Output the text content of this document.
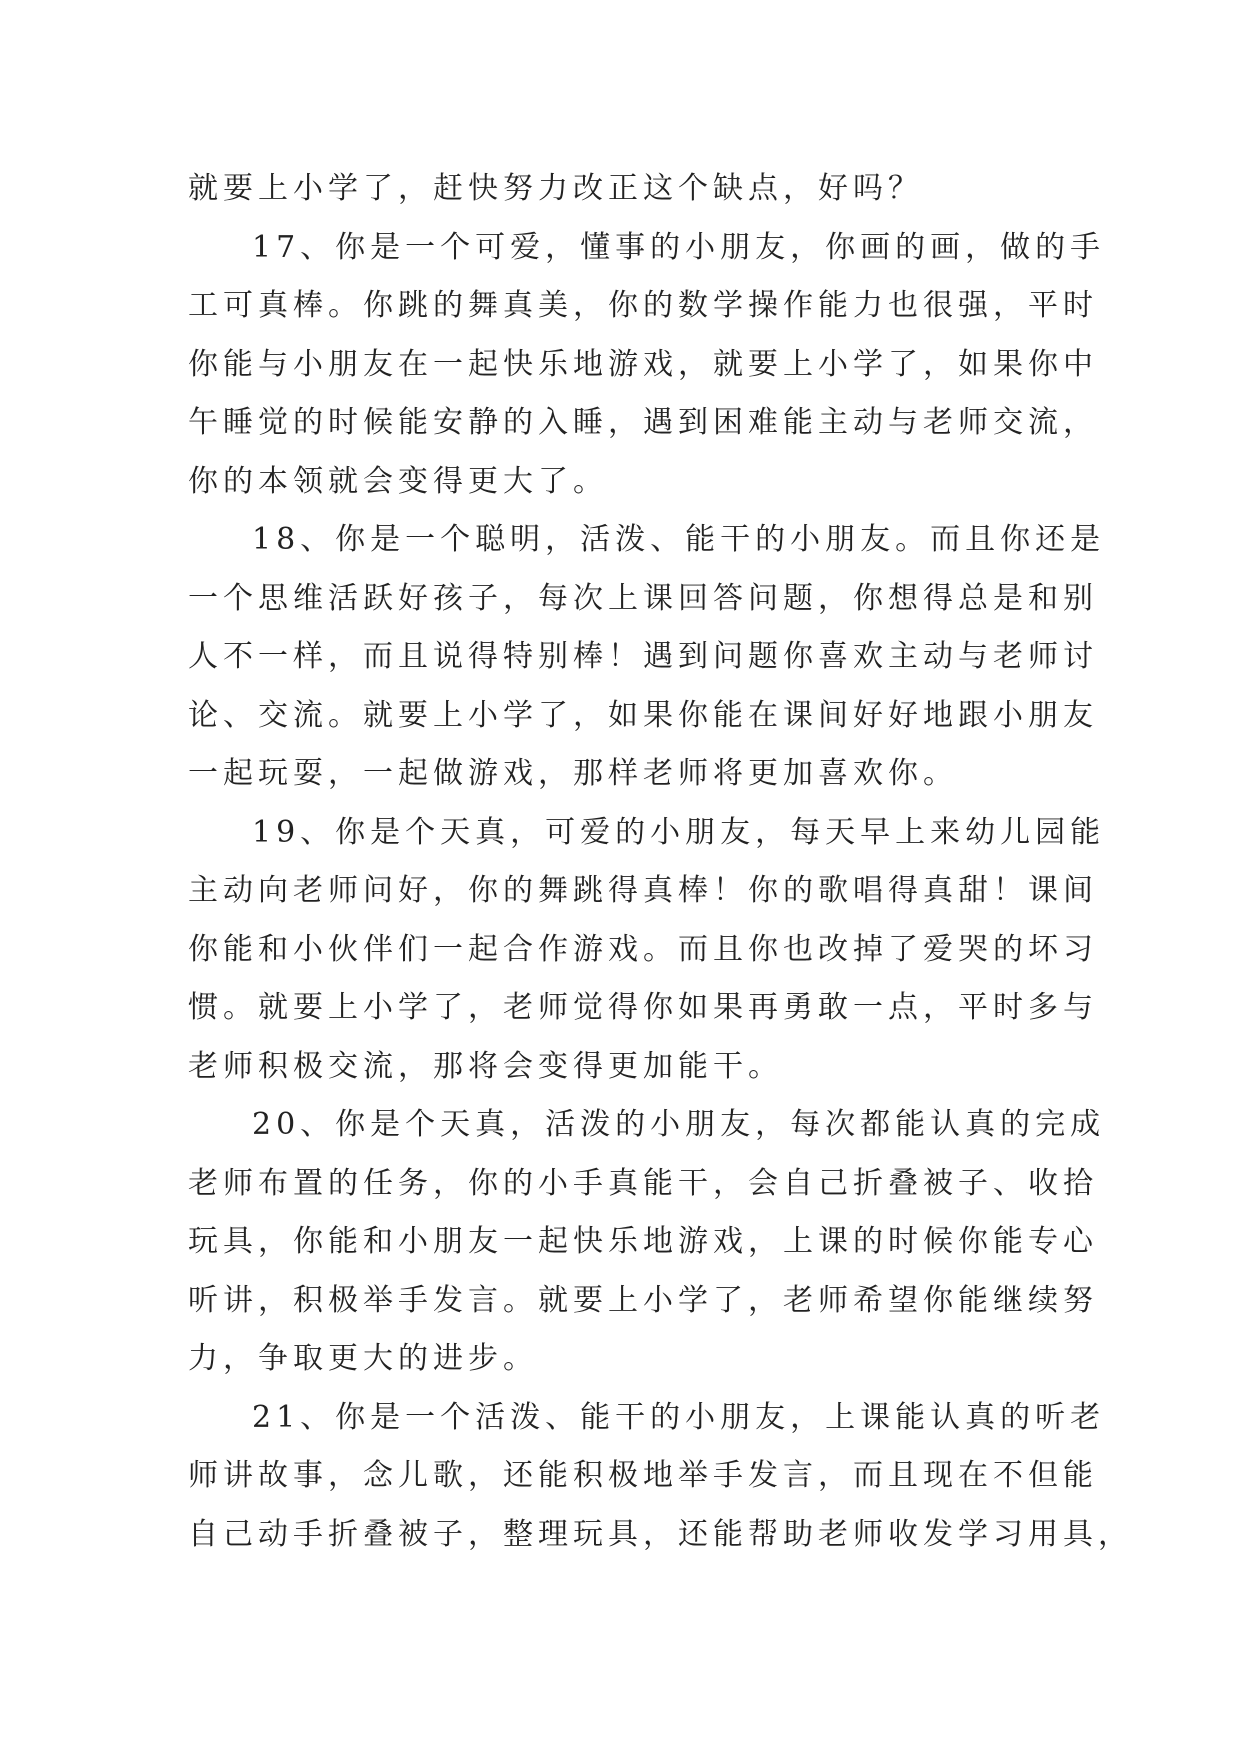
就要上小学了，赶快努力改正这个缺点，好吗？
17、你是一个可爱，懂事的小朋友，你画的画，做的手
工可真棒。你跳的舞真美，你的数学操作能力也很强，平时
你能与小朋友在一起快乐地游戏，就要上小学了，如果你中
午睡觉的时候能安静的入睡，遇到困难能主动与老师交流，
你的本领就会变得更大了。
18、你是一个聪明，活泼、能干的小朋友。而且你还是
一个思维活跃好孩子，每次上课回答问题，你想得总是和别
人不一样，而且说得特别棒！遇到问题你喜欢主动与老师讨
论、交流。就要上小学了，如果你能在课间好好地跟小朋友
一起玩耍，一起做游戏，那样老师将更加喜欢你。
19、你是个天真，可爱的小朋友，每天早上来幼儿园能
主动向老师问好，你的舞跳得真棒！你的歌唱得真甜！课间
你能和小伙伴们一起合作游戏。而且你也改掉了爱哭的坏习
惯。就要上小学了，老师觉得你如果再勇敢一点，平时多与
老师积极交流，那将会变得更加能干。
20、你是个天真，活泼的小朋友，每次都能认真的完成
老师布置的任务，你的小手真能干，会自己折叠被子、收拾
玩具，你能和小朋友一起快乐地游戏，上课的时候你能专心
听讲，积极举手发言。就要上小学了，老师希望你能继续努
力，争取更大的进步。
21、你是一个活泼、能干的小朋友，上课能认真的听老
师讲故事，念儿歌，还能积极地举手发言，而且现在不但能
自己动手折叠被子，整理玩具，还能帮助老师收发学习用具，
